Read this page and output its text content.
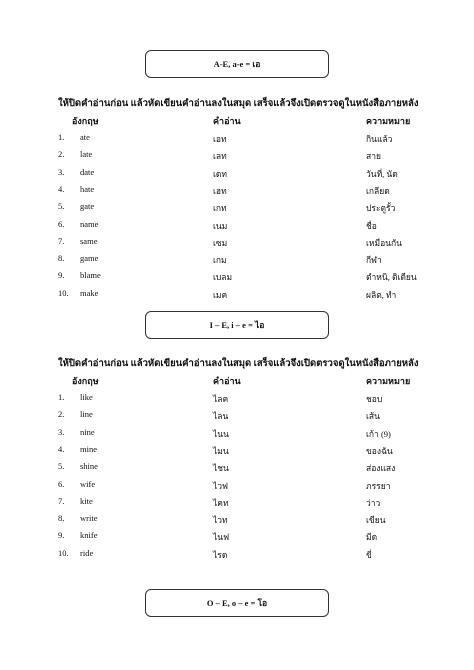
A-E, a-e = เอ
ให้ปิดคำอ่านก่อน แล้วหัดเขียนคำอ่านลงในสมุด เสร็จแล้วจึงเปิดตรวจดูในหนังสือภายหลัง
อังกฤษ	คำอ่าน	ความหมาย
1. ate	เอท	กินแล้ว
2. late	เลท	สาย
3. date	เดท	วันที่, นัด
4. hate	เฮท	เกลียด
5. gate	เกท	ประตูรั้ว
6. name	เนม	ชื่อ
7. same	เซม	เหมือนกัน
8. game	เกม	กีฬา
9. blame	เบลม	ตำหนิ, ติเตียน
10. make	เมค	ผลิต, ทำ
I – E, i – e = ไอ
ให้ปิดคำอ่านก่อน แล้วหัดเขียนคำอ่านลงในสมุด เสร็จแล้วจึงเปิดตรวจดูในหนังสือภายหลัง
อังกฤษ	คำอ่าน	ความหมาย
1. like	ไลค	ชอบ
2. line	ไลน	เส้น
3. nine	ไนน	เก้า (9)
4. mine	ไมน	ของฉัน
5. shine	ไชน	ส่องแสง
6. wife	ไวฟ	ภรรยา
7. kite	ไคท	ว่าว
8. write	ไวท	เขียน
9. knife	ไนฟ	มีด
10. ride	ไรด	ขี่
O – E, o – e = โอ
